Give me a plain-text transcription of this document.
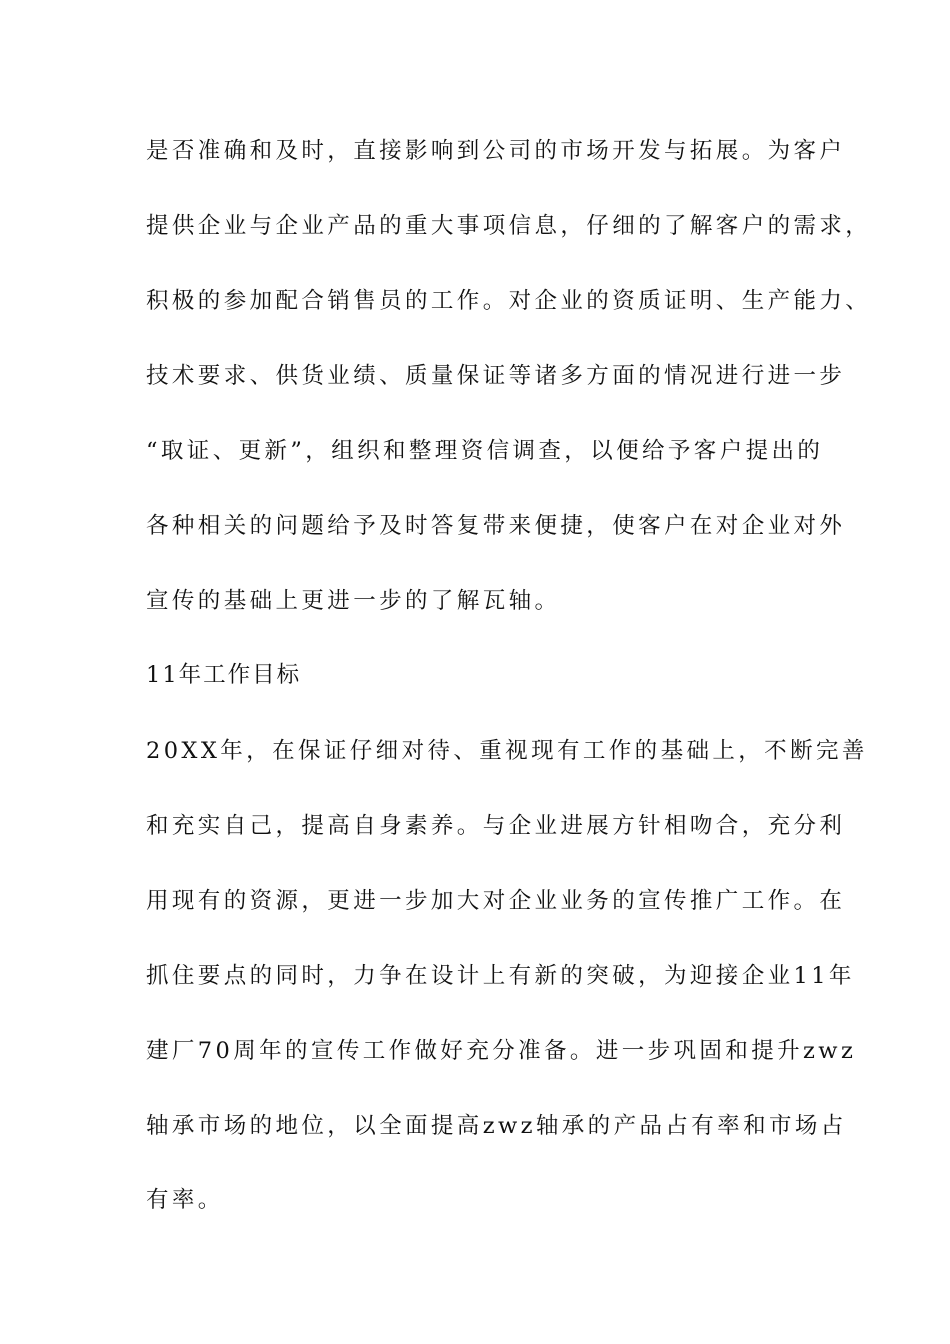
是否准确和及时，直接影响到公司的市场开发与拓展。为客户
提供企业与企业产品的重大事项信息，仔细的了解客户的需求，
积极的参加配合销售员的工作。对企业的资质证明、生产能力、
技术要求、供货业绩、质量保证等诸多方面的情况进行进一步
“取证、更新”，组织和整理资信调查，以便给予客户提出的
各种相关的问题给予及时答复带来便捷，使客户在对企业对外
宣传的基础上更进一步的了解瓦轴。
11年工作目标
20XX年，在保证仔细对待、重视现有工作的基础上，不断完善
和充实自己，提高自身素养。与企业进展方针相吻合，充分利
用现有的资源，更进一步加大对企业业务的宣传推广工作。在
抓住要点的同时，力争在设计上有新的突破，为迎接企业11年
建厂70周年的宣传工作做好充分准备。进一步巩固和提升zwz
轴承市场的地位，以全面提高zwz轴承的产品占有率和市场占
有率。
